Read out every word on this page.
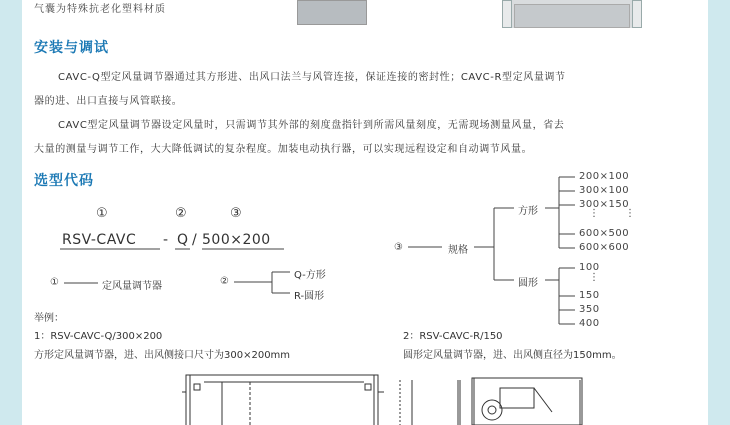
气囊为特殊抗老化塑料材质
安装与调试
CAVC-Q型定风量调节器通过其方形进、出风口法兰与风管连接，保证连接的密封性；CAVC-R型定风量调节
器的进、出口直接与风管联接。
CAVC型定风量调节器设定风量时，只需调节其外部的刻度盘指针到所需风量刻度，无需现场测量风量，省去
大量的测量与调节工作，大大降低调试的复杂程度。加装电动执行器，可以实现远程设定和自动调节风量。
选型代码
①	②	③
RSV-CAVC - Q / 500×200
①	定风量调节器	②
Q-方形
R-圆形
③	规格
方形
圆形
200×100
300×100
300×150
⋮	⋮
600×500
600×600
100
⋮
150
350
400
举例：
1：RSV-CAVC-Q/300×200
方形定风量调节器，进、出风侧接口尺寸为300×200mm
2：RSV-CAVC-R/150
圆形定风量调节器，进、出风侧直径为150mm。
